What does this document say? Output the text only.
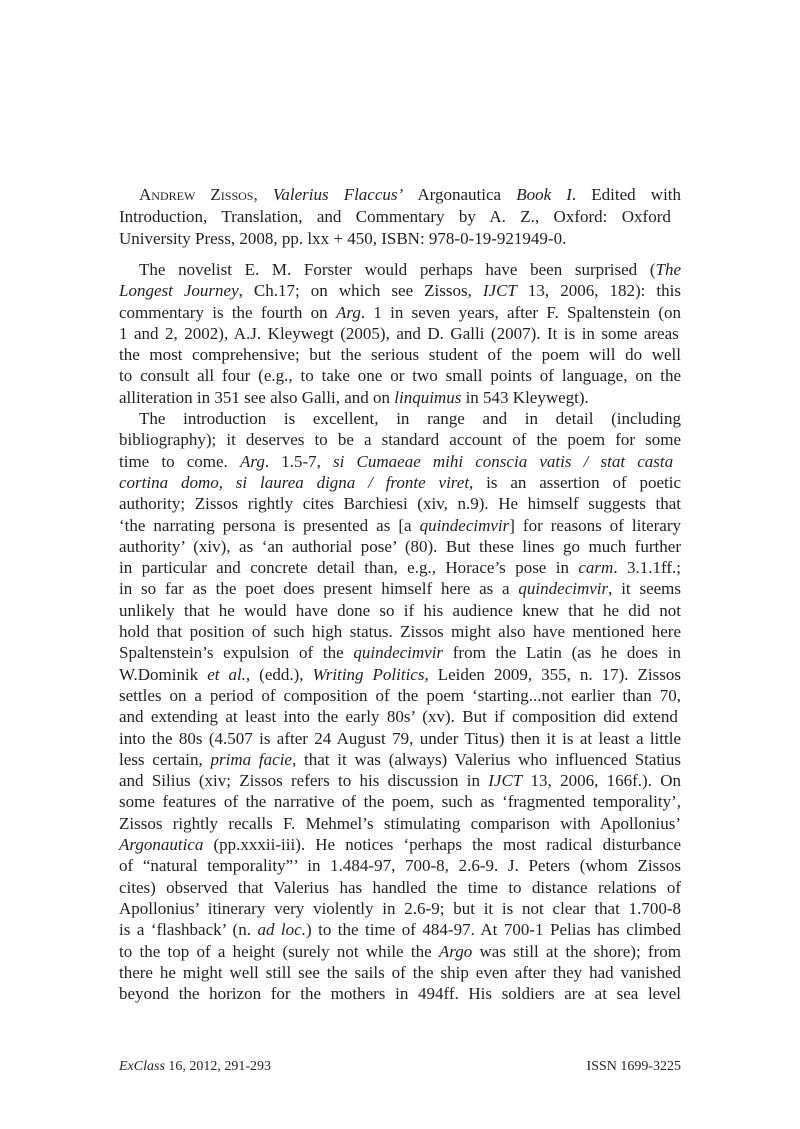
Andrew Zissos, Valerius Flaccus’ Argonautica Book I. Edited with
Introduction, Translation, and Commentary by A. Z., Oxford: Oxford
University Press, 2008, pp. lxx + 450, ISBN: 978-0-19-921949-0.
The novelist E. M. Forster would perhaps have been surprised (The
Longest Journey, Ch.17; on which see Zissos, IJCT 13, 2006, 182): this
commentary is the fourth on Arg. 1 in seven years, after F. Spaltenstein (on
1 and 2, 2002), A.J. Kleywegt (2005), and D. Galli (2007). It is in some areas
the most comprehensive; but the serious student of the poem will do well
to consult all four (e.g., to take one or two small points of language, on the
alliteration in 351 see also Galli, and on linquimus in 543 Kleywegt).
The introduction is excellent, in range and in detail (including
bibliography); it deserves to be a standard account of the poem for some
time to come. Arg. 1.5-7, si Cumaeae mihi conscia vatis / stat casta
cortina domo, si laurea digna / fronte viret, is an assertion of poetic
authority; Zissos rightly cites Barchiesi (xiv, n.9). He himself suggests that
‘the narrating persona is presented as [a quindecimvir] for reasons of literary
authority’ (xiv), as ‘an authorial pose’ (80). But these lines go much further
in particular and concrete detail than, e.g., Horace’s pose in carm. 3.1.1ff.;
in so far as the poet does present himself here as a quindecimvir, it seems
unlikely that he would have done so if his audience knew that he did not
hold that position of such high status. Zissos might also have mentioned here
Spaltenstein’s expulsion of the quindecimvir from the Latin (as he does in
W.Dominik et al., (edd.), Writing Politics, Leiden 2009, 355, n. 17). Zissos
settles on a period of composition of the poem ‘starting...not earlier than 70,
and extending at least into the early 80s’ (xv). But if composition did extend
into the 80s (4.507 is after 24 August 79, under Titus) then it is at least a little
less certain, prima facie, that it was (always) Valerius who influenced Statius
and Silius (xiv; Zissos refers to his discussion in IJCT 13, 2006, 166f.). On
some features of the narrative of the poem, such as ‘fragmented temporality’,
Zissos rightly recalls F. Mehmel’s stimulating comparison with Apollonius’
Argonautica (pp.xxxii-iii). He notices ‘perhaps the most radical disturbance
of “natural temporality”’ in 1.484-97, 700-8, 2.6-9. J. Peters (whom Zissos
cites) observed that Valerius has handled the time to distance relations of
Apollonius’ itinerary very violently in 2.6-9; but it is not clear that 1.700-8
is a ‘flashback’ (n. ad loc.) to the time of 484-97. At 700-1 Pelias has climbed
to the top of a height (surely not while the Argo was still at the shore); from
there he might well still see the sails of the ship even after they had vanished
beyond the horizon for the mothers in 494ff. His soldiers are at sea level
ExClass 16, 2012, 291-293	ISSN 1699-3225
